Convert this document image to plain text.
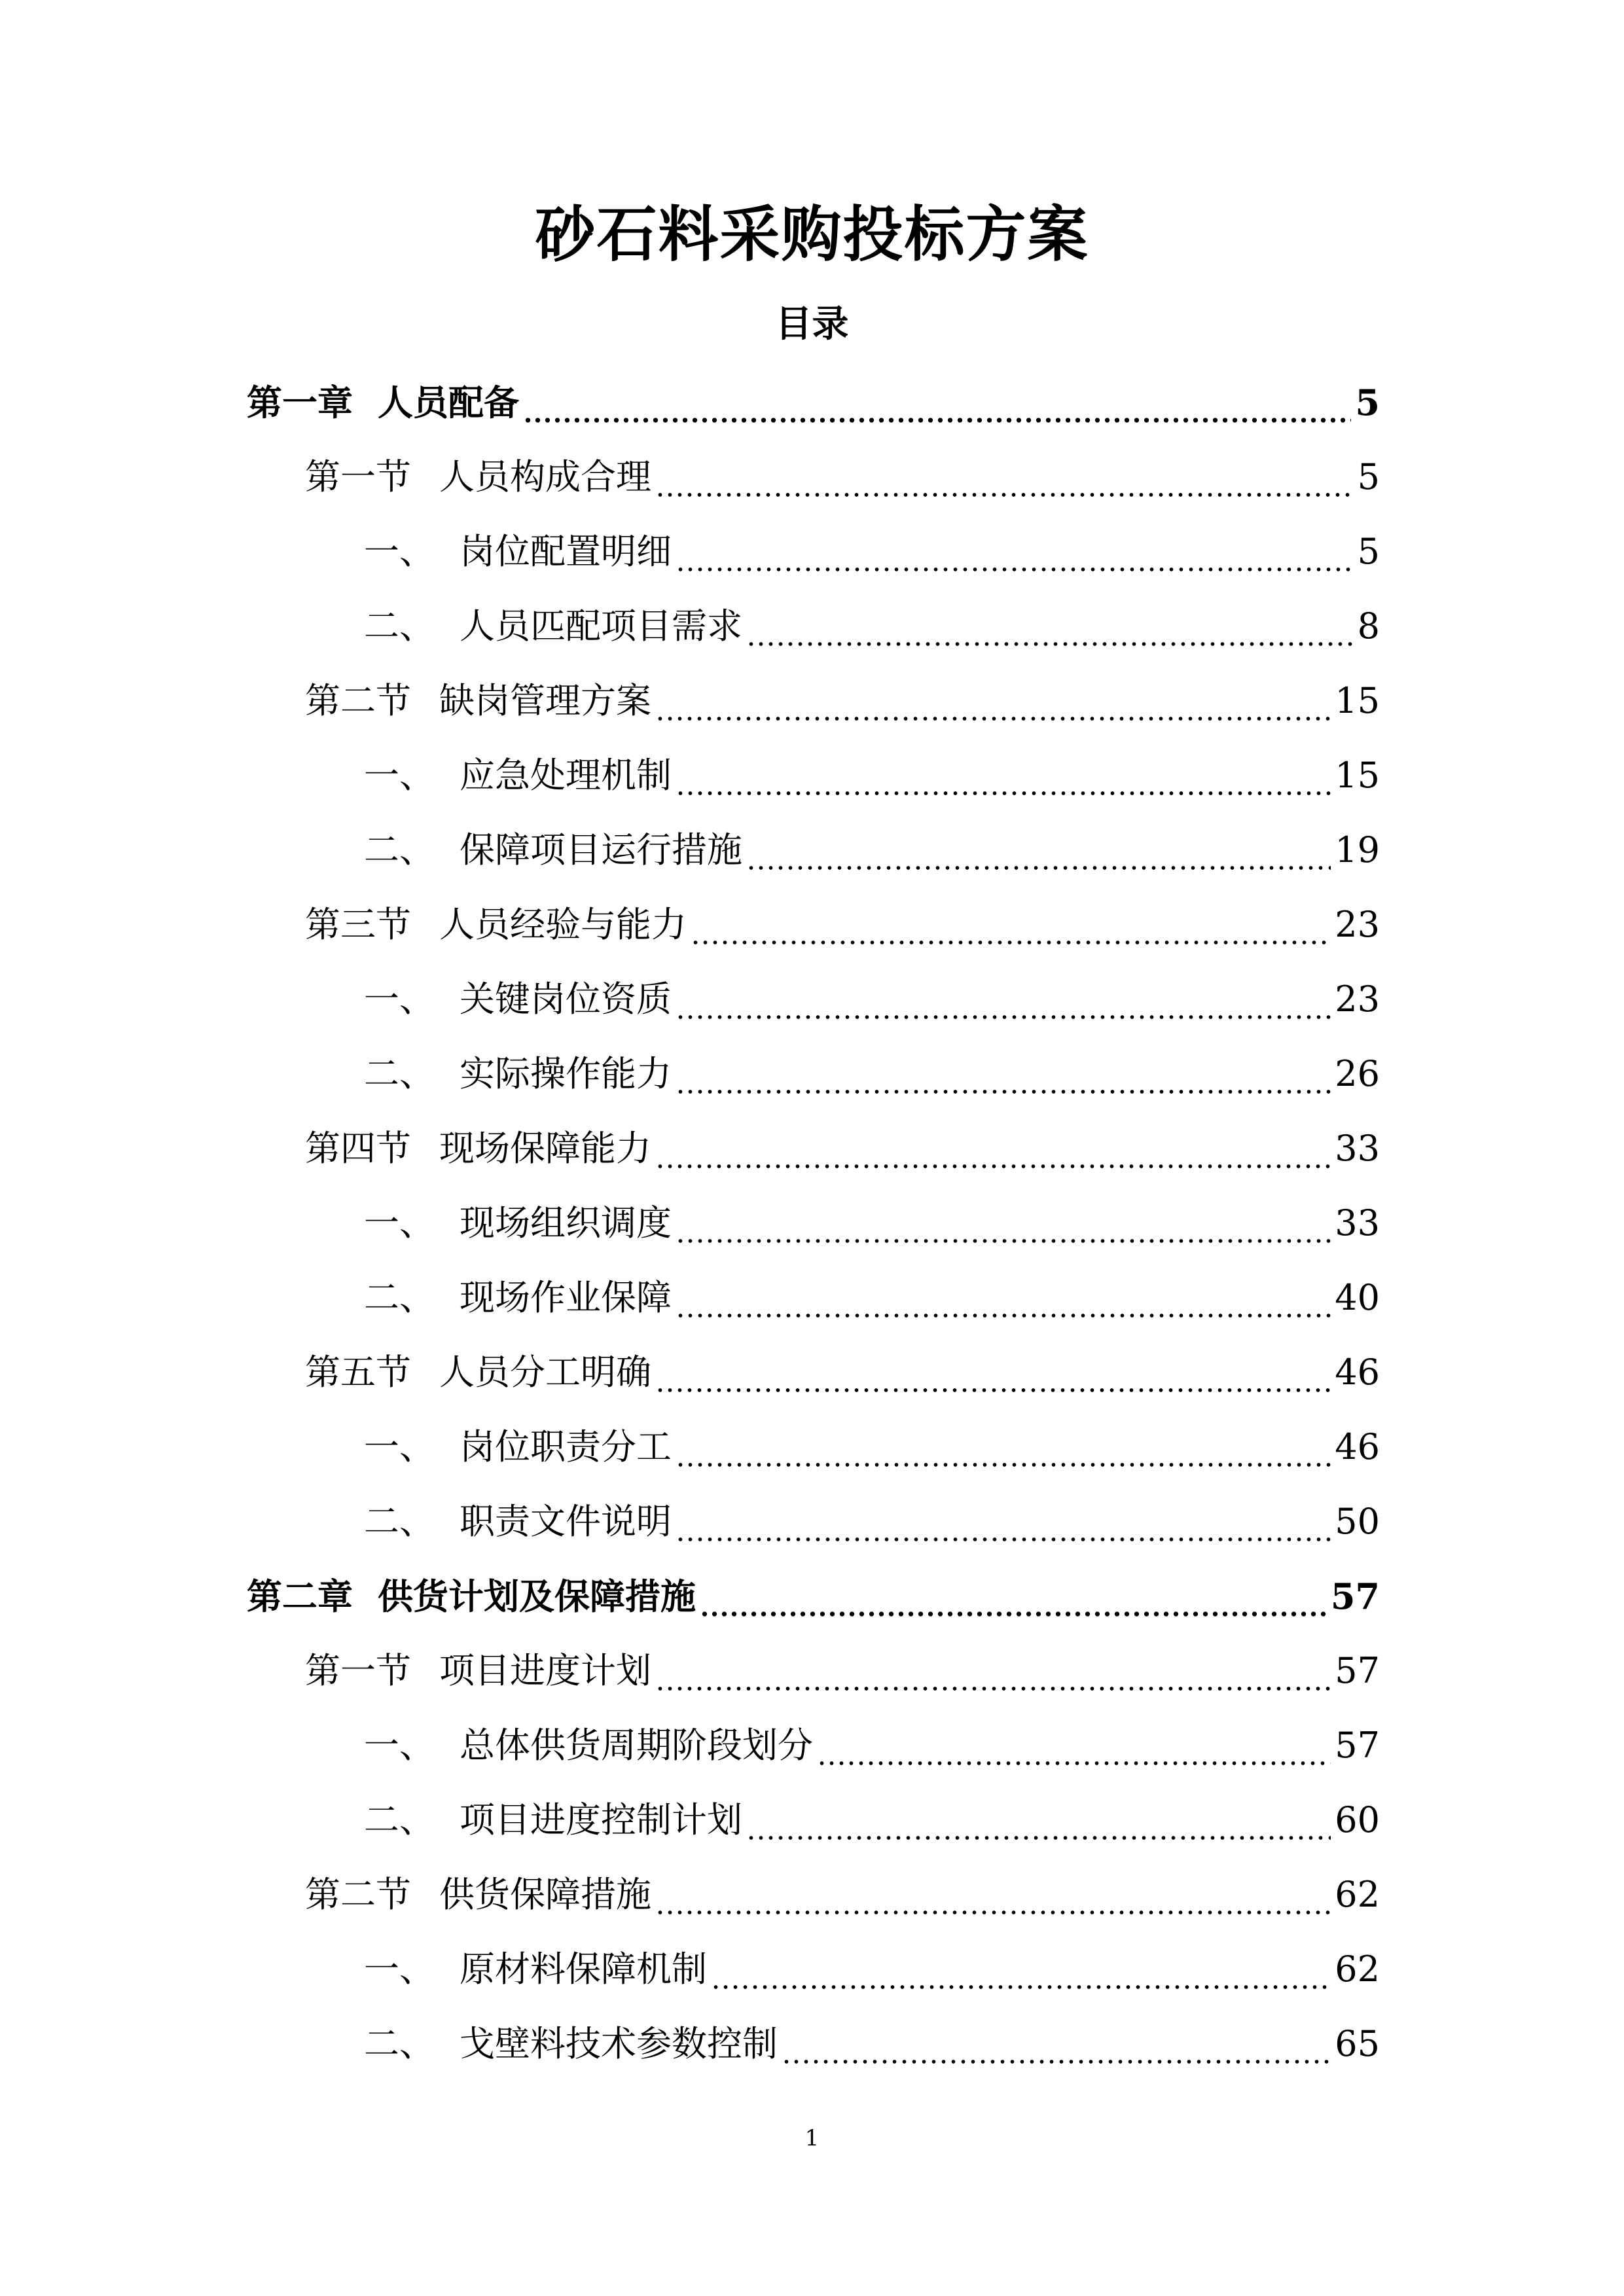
砂石料采购投标方案
目录
第一章 人员配备	5
第一节 人员构成合理	5
一、 岗位配置明细	5
二、 人员匹配项目需求	8
第二节 缺岗管理方案	15
一、 应急处理机制	15
二、 保障项目运行措施	19
第三节 人员经验与能力	23
一、 关键岗位资质	23
二、 实际操作能力	26
第四节 现场保障能力	33
一、 现场组织调度	33
二、 现场作业保障	40
第五节 人员分工明确	46
一、 岗位职责分工	46
二、 职责文件说明	50
第二章 供货计划及保障措施	57
第一节 项目进度计划	57
一、 总体供货周期阶段划分	57
二、 项目进度控制计划	60
第二节 供货保障措施	62
一、 原材料保障机制	62
二、 戈壁料技术参数控制	65
1
